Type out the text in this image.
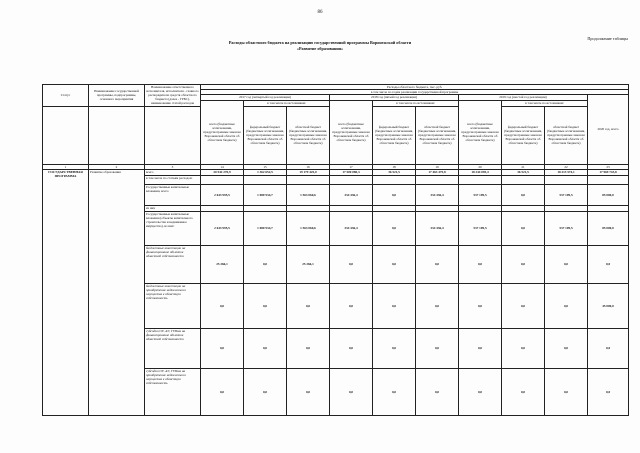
86
Продолжение таблицы
Расходы областного бюджета на реализацию государственной программы Воронежской области
«Развитие образования»
Статус	Наименование государственной программы, подпрограммы, основного мероприятия	Наименование ответственного исполнителя, исполнителя - главного распорядителя средств областного бюджета (далее - ГРБС), наименование статей расходов	Расходы областного бюджета, тыс. руб.									
			в том числе по годам реализации государственной программы									
			2017 год (четвертый год реализации)			2018 год (пятый год реализации)			2019 год (шестой год реализации)			2020 год, всего
			всего (бюджетные ассигнования, предусмотренные законом Воронежской области об областном бюджете)	в том числе по источникам:		всего (бюджетные ассигнования, предусмотренные законом Воронежской области об областном бюджете)	в том числе по источникам:		всего (бюджетные ассигнования, предусмотренные законом Воронежской области об областном бюджете)	в том числе по источникам:		
				федеральный бюджет (бюджетные ассигнования, предусмотренные законом Воронежской области об областном бюджете)	областной бюджет (бюджетные ассигнования, предусмотренные законом Воронежской области об областном бюджете)		федеральный бюджет (бюджетные ассигнования, предусмотренные законом Воронежской области об областном бюджете)	областной бюджет (бюджетные ассигнования, предусмотренные законом Воронежской области об областном бюджете)		федеральный бюджет (бюджетные ассигнования, предусмотренные законом Воронежской области об областном бюджете)	областной бюджет (бюджетные ассигнования, предусмотренные законом Воронежской области об областном бюджете)	
1	2	3	14	15	16	17	18	19	20	21	22	23
ГОСУДАРСТВЕННАЯ ПРОГРАММА	Развитие образования	всего	20 542 270,9	1 362 652,5	19 179 425,0	17 500 080,3	36 521,5	17 463 475,8	18 244 095,4	36 521,5	18 213 574,1	17 969 743,8
		в том числе по статьям расходов:										
		Государственные капитальные вложения, всего	2 643 995,5	1 080 934,7	1 563 060,6	334 436,4	0,0	334 436,4	537 109,5	0,0	537 109,5	85 000,0
		из них										
		Государственные капитальные вложения (объекты капитального строительства и недвижимое имущество), из них:	2 643 995,5	1 080 934,7	1 563 060,6	334 436,4	0,0	334 436,4	537 109,5	0,0	537 109,5	85 000,0
		бюджетные инвестиции на финансирование объектов областной собственности	25 266,1	0,0	25 266,1	0,0	0,0	0,0	0,0	0,0	0,0	0,0
		бюджетные инвестиции на приобретение недвижимого имущества в областную собственность	0,0	0,0	0,0	0,0	0,0	0,0	0,0	0,0	0,0	45 000,0
		субсидии ОУ, АУ, ГУПам на финансирование объектов областной собственности	0,0	0,0	0,0	0,0	0,0	0,0	0,0	0,0	0,0	0,0
		субсидии ОУ, АУ, ГУПам на приобретение недвижимого имущества в областную собственность	0,0	0,0	0,0	0,0	0,0	0,0	0,0	0,0	0,0	0,0
